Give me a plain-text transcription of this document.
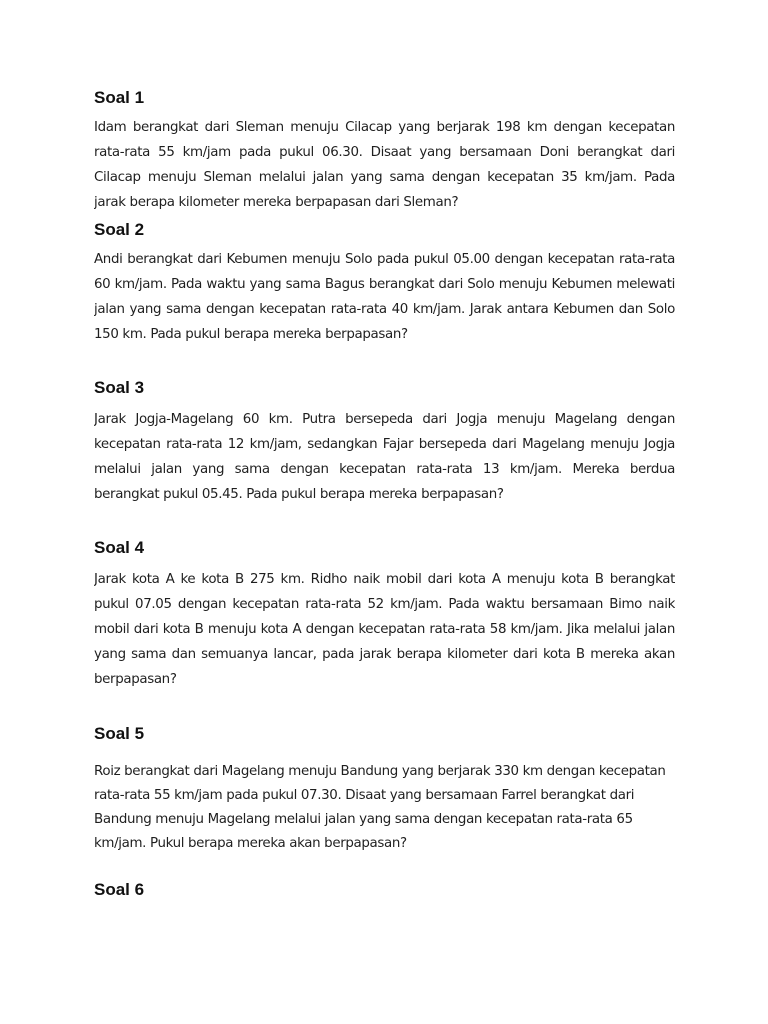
Soal 1
Idam berangkat dari Sleman menuju Cilacap yang berjarak 198 km dengan kecepatan
rata-rata 55 km/jam pada pukul 06.30. Disaat yang bersamaan Doni berangkat dari
Cilacap menuju Sleman melalui jalan yang sama dengan kecepatan 35 km/jam. Pada
jarak berapa kilometer mereka berpapasan dari Sleman?
Soal 2
Andi berangkat dari Kebumen menuju Solo pada pukul 05.00 dengan kecepatan rata-rata
60 km/jam. Pada waktu yang sama Bagus berangkat dari Solo menuju Kebumen melewati
jalan yang sama dengan kecepatan rata-rata 40 km/jam. Jarak antara Kebumen dan Solo
150 km. Pada pukul berapa mereka berpapasan?
Soal 3
Jarak Jogja-Magelang 60 km. Putra bersepeda dari Jogja menuju Magelang dengan
kecepatan rata-rata 12 km/jam, sedangkan Fajar bersepeda dari Magelang menuju Jogja
melalui jalan yang sama dengan kecepatan rata-rata 13 km/jam. Mereka berdua
berangkat pukul 05.45. Pada pukul berapa mereka berpapasan?
Soal 4
Jarak kota A ke kota B 275 km. Ridho naik mobil dari kota A menuju kota B berangkat
pukul 07.05 dengan kecepatan rata-rata 52 km/jam. Pada waktu bersamaan Bimo naik
mobil dari kota B menuju kota A dengan kecepatan rata-rata 58 km/jam. Jika melalui jalan
yang sama dan semuanya lancar, pada jarak berapa kilometer dari kota B mereka akan
berpapasan?
Soal 5
Roiz berangkat dari Magelang menuju Bandung yang berjarak 330 km dengan kecepatan
rata-rata 55 km/jam pada pukul 07.30. Disaat yang bersamaan Farrel berangkat dari
Bandung menuju Magelang melalui jalan yang sama dengan kecepatan rata-rata 65
km/jam. Pukul berapa mereka akan berpapasan?
Soal 6
